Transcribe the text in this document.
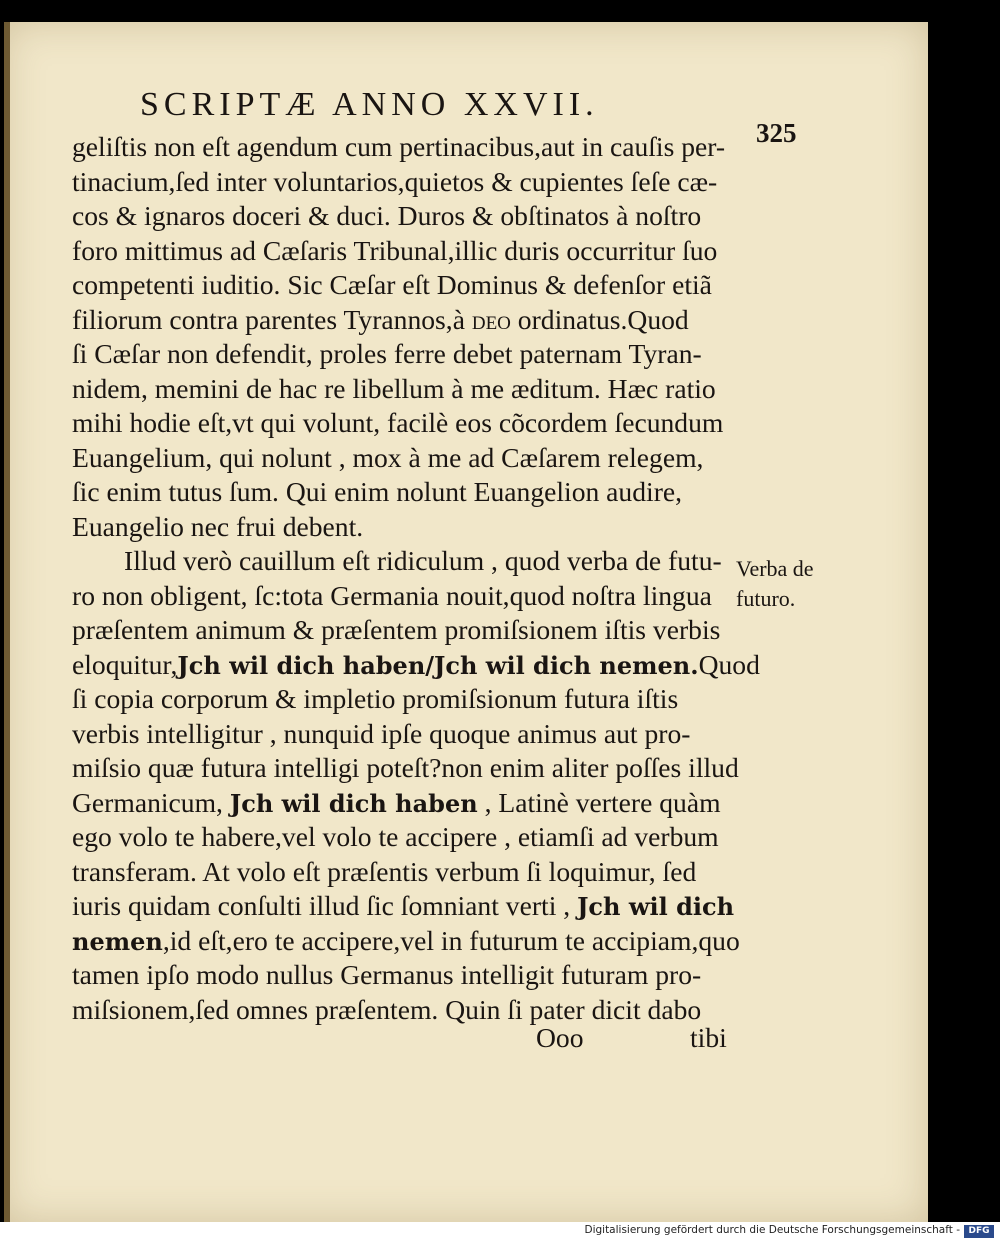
SCRIPTÆ ANNO XXVII.
325
geliſtis non eſt agendum cum pertinacibus,aut in cauſis per-
tinacium,ſed inter voluntarios,quietos & cupientes ſeſe cæ-
cos & ignaros doceri & duci. Duros & obſtinatos à noſtro
foro mittimus ad Cæſaris Tribunal,illic duris occurritur ſuo
competenti iuditio. Sic Cæſar eſt Dominus & defenſor etiã
filiorum contra parentes Tyrannos,à deo ordinatus.Quod
ſi Cæſar non defendit, proles ferre debet paternam Tyran-
nidem, memini de hac re libellum à me æditum. Hæc ratio
mihi hodie eſt,vt qui volunt, facilè eos cõcordem ſecundum
Euangelium, qui nolunt , mox à me ad Cæſarem relegem,
ſic enim tutus ſum. Qui enim nolunt Euangelion audire,
Euangelio nec frui debent.
Illud verò cauillum eſt ridiculum , quod verba de futu-
ro non obligent, ſc:tota Germania nouit,quod noſtra lingua
præſentem animum & præſentem promiſsionem iſtis verbis
eloquitur,Jch wil dich haben/Jch wil dich nemen.Quod
ſi copia corporum & impletio promiſsionum futura iſtis
verbis intelligitur , nunquid ipſe quoque animus aut pro-
miſsio quæ futura intelligi poteſt?non enim aliter poſſes illud
Germanicum, Jch wil dich haben , Latinè vertere quàm
ego volo te habere,vel volo te accipere , etiamſi ad verbum
transferam. At volo eſt præſentis verbum ſi loquimur, ſed
iuris quidam conſulti illud ſic ſomniant verti , Jch wil dich
nemen,id eſt,ero te accipere,vel in futurum te accipiam,quo
tamen ipſo modo nullus Germanus intelligit futuram pro-
miſsionem,ſed omnes præſentem. Quin ſi pater dicit dabo
Ooo	tibi
Verba de
futuro.
Digitalisierung gefördert durch die Deutsche Forschungsgemeinschaft - DFG
